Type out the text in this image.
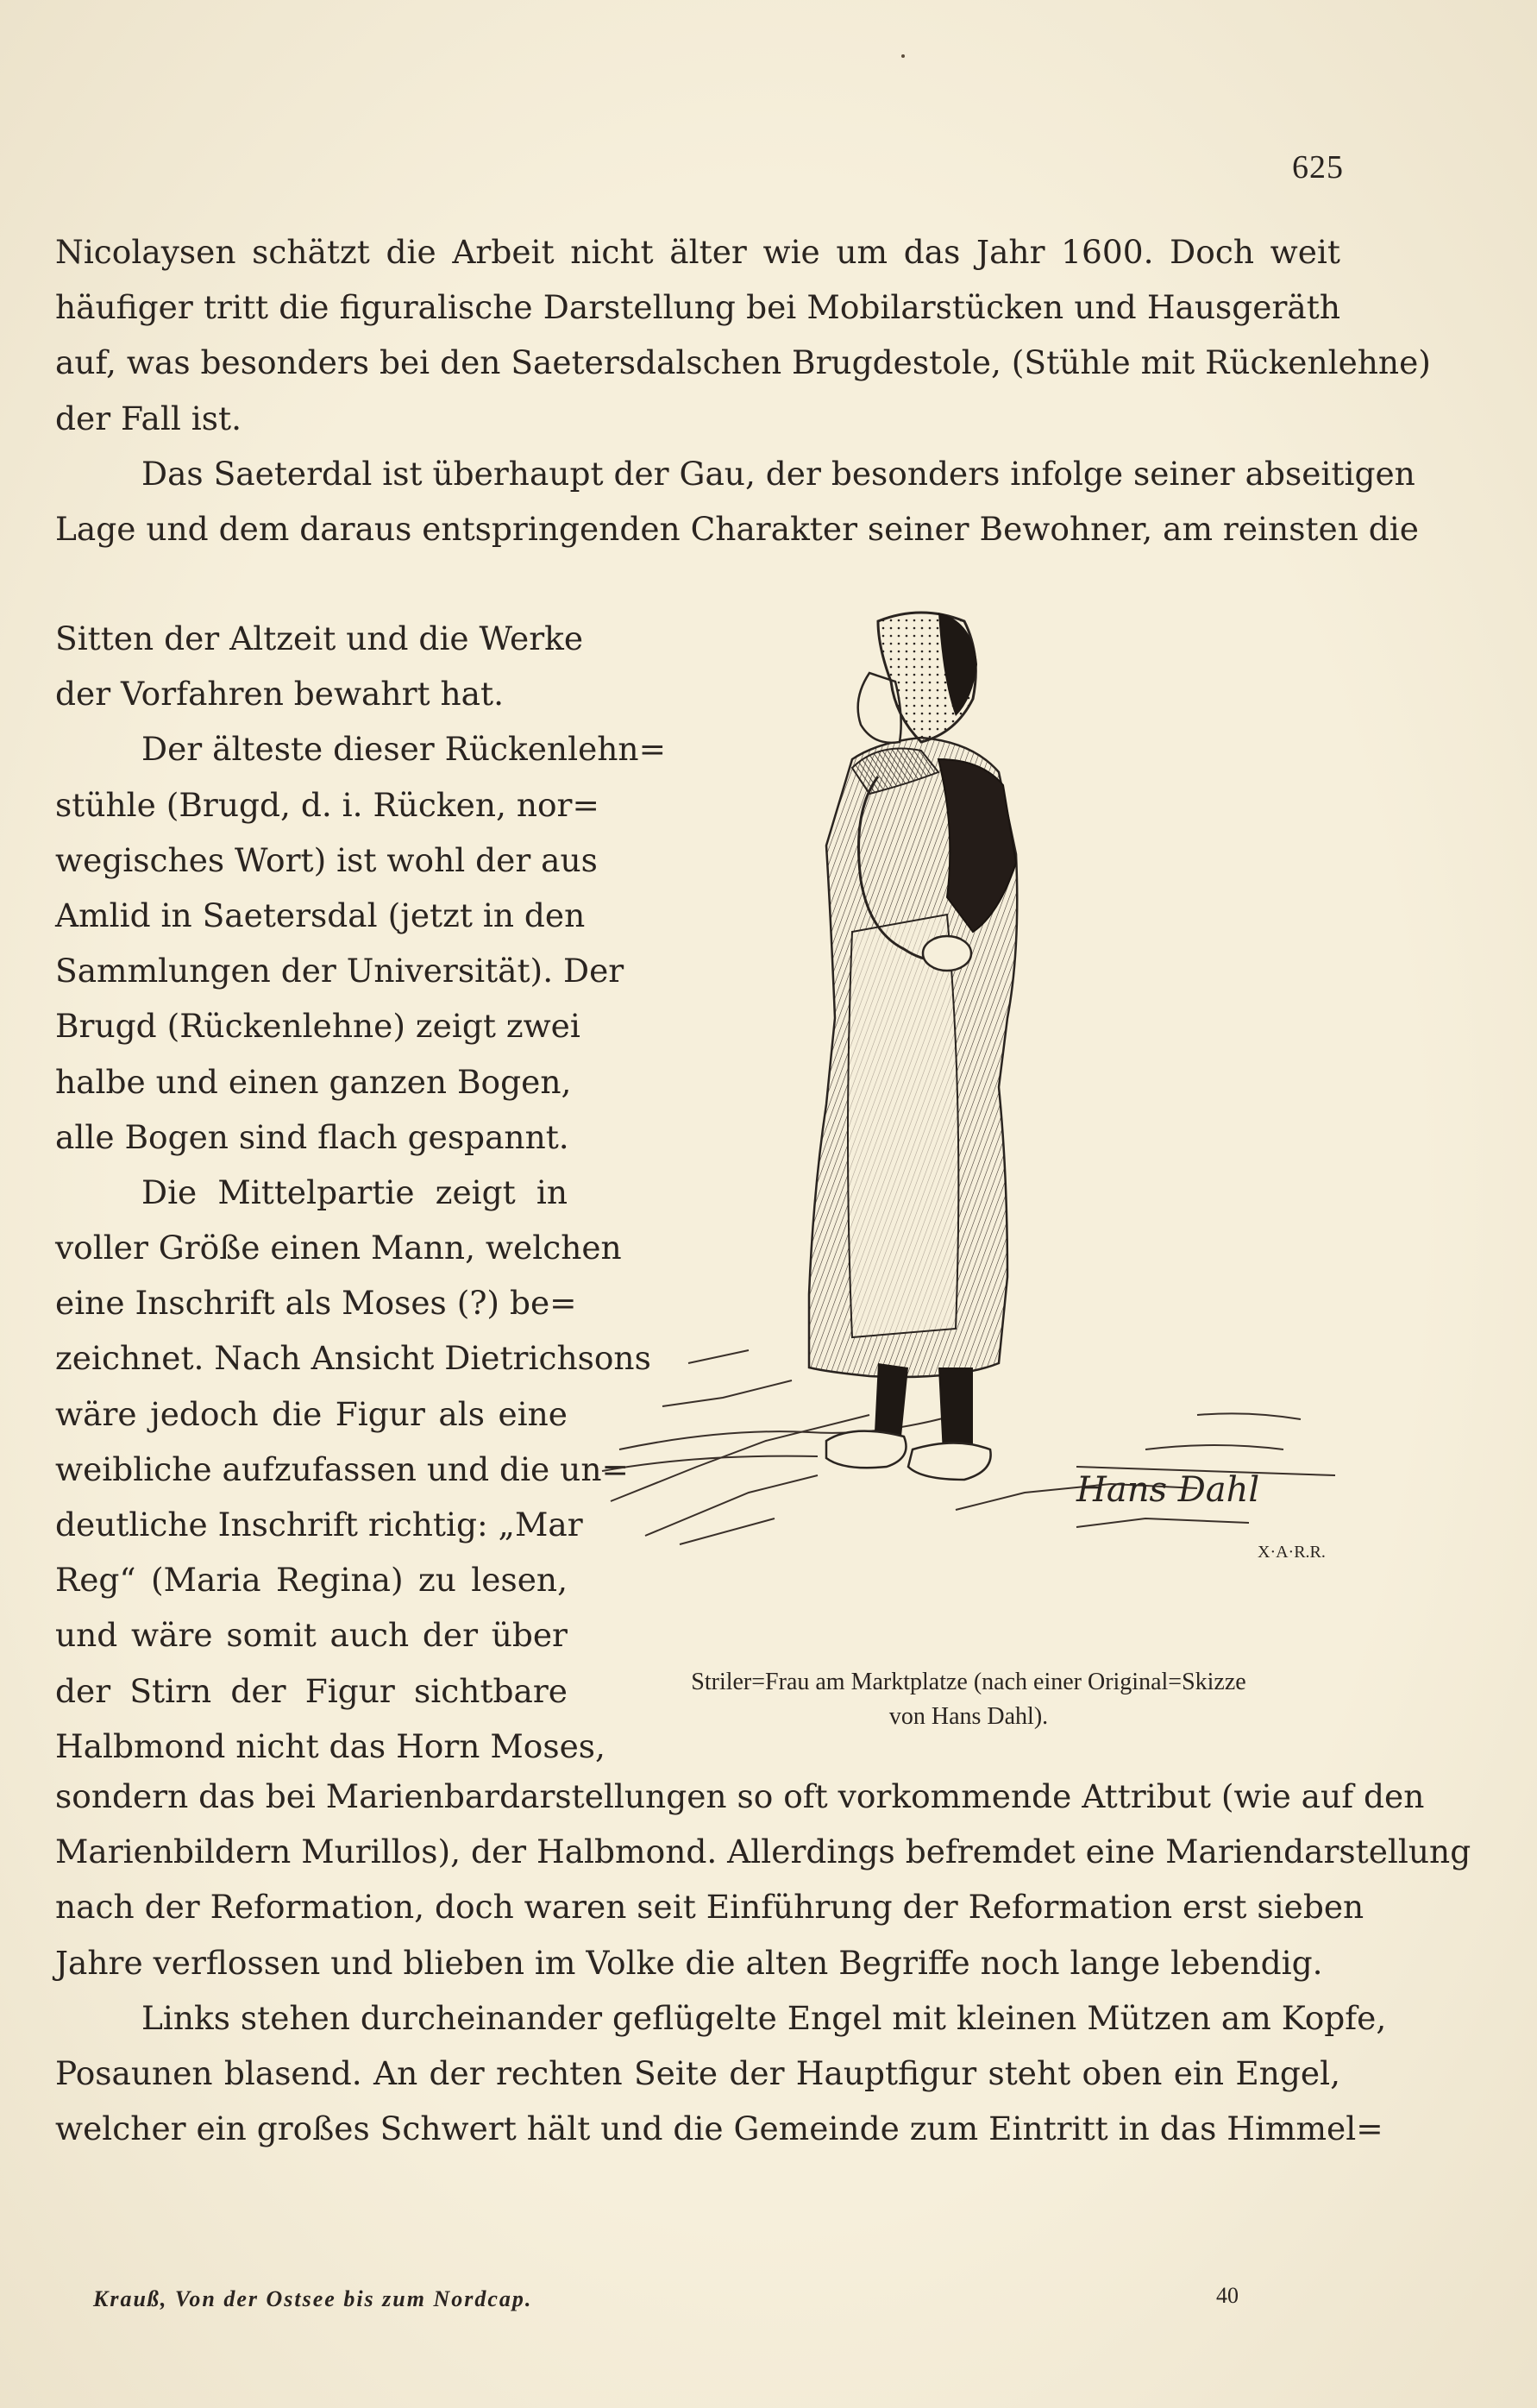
625
Nicolaysen schätzt die Arbeit nicht älter wie um das Jahr 1600. Doch weit
häufiger tritt die figuralische Darstellung bei Mobilarstücken und Hausgeräth
auf, was besonders bei den Saetersdalschen Brugdestole, (Stühle mit Rückenlehne)
der Fall ist.
Das Saeterdal ist überhaupt der Gau, der besonders infolge seiner abseitigen
Lage und dem daraus entspringenden Charakter seiner Bewohner, am reinsten die
Sitten der Altzeit und die Werke
der Vorfahren bewahrt hat.
Der älteste dieser Rückenlehn=
stühle (Brugd, d. i. Rücken, nor=
wegisches Wort) ist wohl der aus
Amlid in Saetersdal (jetzt in den
Sammlungen der Universität). Der
Brugd (Rückenlehne) zeigt zwei
halbe und einen ganzen Bogen,
alle Bogen sind flach gespannt.
Die Mittelpartie zeigt in
voller Größe einen Mann, welchen
eine Inschrift als Moses (?) be=
zeichnet. Nach Ansicht Dietrichsons
wäre jedoch die Figur als eine
weibliche aufzufassen und die un=
deutliche Inschrift richtig: „Mar
Reg“ (Maria Regina) zu lesen,
und wäre somit auch der über
der Stirn der Figur sichtbare
Halbmond nicht das Horn Moses,
Hans Dahl
X·A·R.R.
Striler=Frau am Marktplatze (nach einer Original=Skizze
von Hans Dahl).
sondern das bei Marienbardarstellungen so oft vorkommende Attribut (wie auf den
Marienbildern Murillos), der Halbmond. Allerdings befremdet eine Mariendarstellung
nach der Reformation, doch waren seit Einführung der Reformation erst sieben
Jahre verflossen und blieben im Volke die alten Begriffe noch lange lebendig.
Links stehen durcheinander geflügelte Engel mit kleinen Mützen am Kopfe,
Posaunen blasend. An der rechten Seite der Hauptfigur steht oben ein Engel,
welcher ein großes Schwert hält und die Gemeinde zum Eintritt in das Himmel=
Krauß, Von der Ostsee bis zum Nordcap.	40
